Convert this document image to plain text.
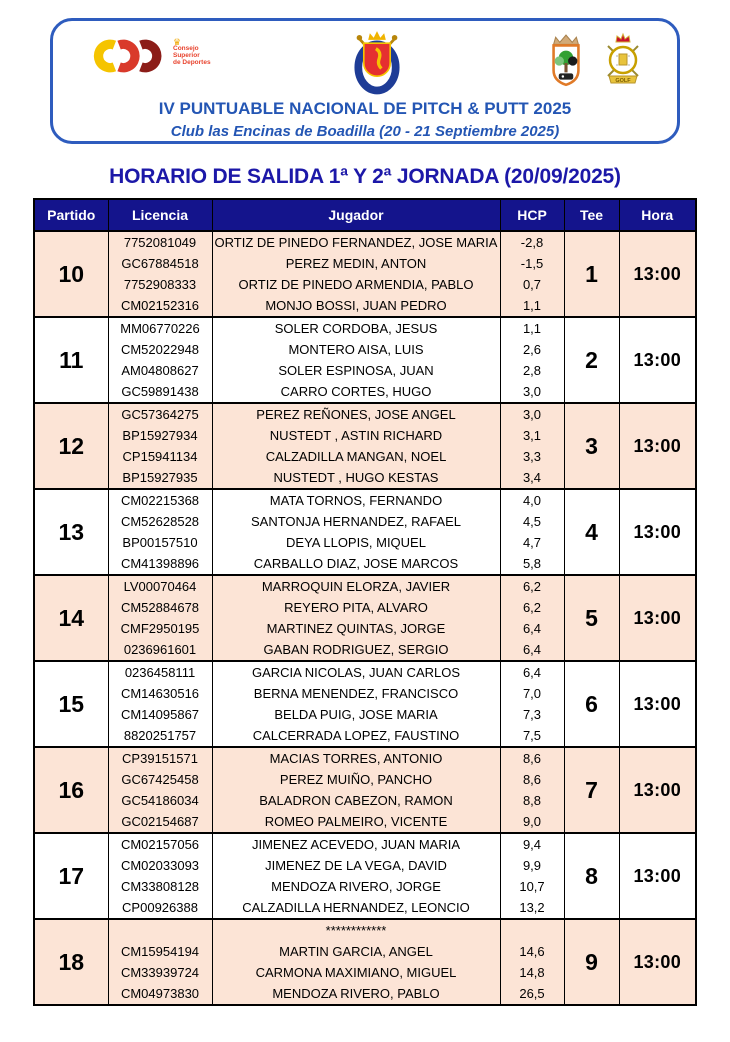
♛
Consejo
Superior
de Deportes
GOLF
IV PUNTUABLE NACIONAL DE PITCH & PUTT 2025
Club las Encinas de Boadilla (20 - 21 Septiembre 2025)
HORARIO DE SALIDA 1ª Y 2ª JORNADA (20/09/2025)
Partido	Licencia	Jugador	HCP	Tee	Hora
10	7752081049	ORTIZ DE PINEDO FERNANDEZ, JOSE MARIA	-2,8	1	13:00
	GC67884518	PEREZ MEDIN, ANTON	-1,5		
	7752908333	ORTIZ DE PINEDO ARMENDIA, PABLO	0,7		
	CM02152316	MONJO BOSSI, JUAN PEDRO	1,1		
11	MM06770226	SOLER CORDOBA, JESUS	1,1	2	13:00
	CM52022948	MONTERO AISA, LUIS	2,6		
	AM04808627	SOLER ESPINOSA, JUAN	2,8		
	GC59891438	CARRO CORTES, HUGO	3,0		
12	GC57364275	PEREZ REÑONES, JOSE ANGEL	3,0	3	13:00
	BP15927934	NUSTEDT , ASTIN RICHARD	3,1		
	CP15941134	CALZADILLA MANGAN, NOEL	3,3		
	BP15927935	NUSTEDT , HUGO KESTAS	3,4		
13	CM02215368	MATA TORNOS, FERNANDO	4,0	4	13:00
	CM52628528	SANTONJA HERNANDEZ, RAFAEL	4,5		
	BP00157510	DEYA LLOPIS, MIQUEL	4,7		
	CM41398896	CARBALLO DIAZ, JOSE MARCOS	5,8		
14	LV00070464	MARROQUIN ELORZA, JAVIER	6,2	5	13:00
	CM52884678	REYERO PITA, ALVARO	6,2		
	CMF2950195	MARTINEZ QUINTAS, JORGE	6,4		
	0236961601	GABAN RODRIGUEZ, SERGIO	6,4		
15	0236458111	GARCIA NICOLAS, JUAN CARLOS	6,4	6	13:00
	CM14630516	BERNA MENENDEZ, FRANCISCO	7,0		
	CM14095867	BELDA PUIG, JOSE MARIA	7,3		
	8820251757	CALCERRADA LOPEZ, FAUSTINO	7,5		
16	CP39151571	MACIAS TORRES, ANTONIO	8,6	7	13:00
	GC67425458	PEREZ MUIÑO, PANCHO	8,6		
	GC54186034	BALADRON CABEZON, RAMON	8,8		
	GC02154687	ROMEO PALMEIRO, VICENTE	9,0		
17	CM02157056	JIMENEZ ACEVEDO, JUAN MARIA	9,4	8	13:00
	CM02033093	JIMENEZ DE LA VEGA, DAVID	9,9		
	CM33808128	MENDOZA RIVERO, JORGE	10,7		
	CP00926388	CALZADILLA HERNANDEZ, LEONCIO	13,2		
18		************		9	13:00
	CM15954194	MARTIN GARCIA, ANGEL	14,6		
	CM33939724	CARMONA MAXIMIANO, MIGUEL	14,8		
	CM04973830	MENDOZA RIVERO, PABLO	26,5		
